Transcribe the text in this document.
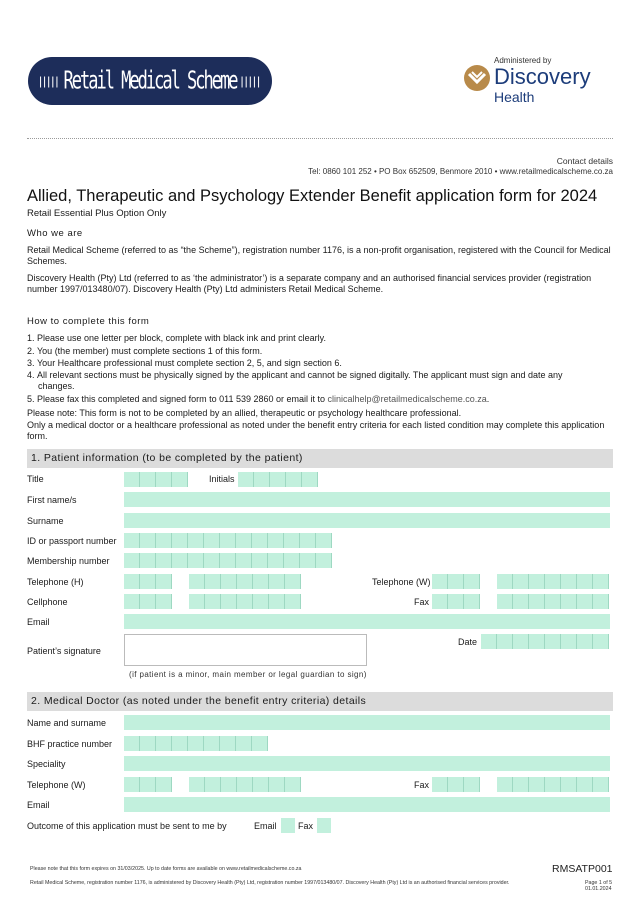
||||| Retail Medical Scheme |||||
Administered by
Discovery
Health
Contact details
Tel: 0860 101 252 • PO Box 652509, Benmore 2010 • www.retailmedicalscheme.co.za
Allied, Therapeutic and Psychology Extender Benefit application form for 2024
Retail Essential Plus Option Only
Who we are
Retail Medical Scheme (referred to as “the Scheme”), registration number 1176, is a non-profit organisation, registered with the Council for Medical Schemes.
Discovery Health (Pty) Ltd (referred to as ‘the administrator’) is a separate company and an authorised financial services provider (registration number 1997/013480/07). Discovery Health (Pty) Ltd administers Retail Medical Scheme.
How to complete this form
1. Please use one letter per block, complete with black ink and print clearly.
2. You (the member) must complete sections 1 of this form.
3. Your Healthcare professional must complete section 2, 5, and sign section 6.
4. All relevant sections must be physically signed by the applicant and cannot be signed digitally. The applicant must sign and date any changes.
5. Please fax this completed and signed form to 011 539 2860 or email it to clinicalhelp@retailmedicalscheme.co.za.
Please note: This form is not to be completed by an allied, therapeutic or psychology healthcare professional.
Only a medical doctor or a healthcare professional as noted under the benefit entry criteria for each listed condition may complete this application form.
1. Patient information (to be completed by the patient)
Title	Initials
First name/s
Surname
ID or passport number
Membership number
Telephone (H)	Telephone (W)
Cellphone	Fax
Email
Patient’s signature
Date
(if patient is a minor, main member or legal guardian to sign)
2. Medical Doctor (as noted under the benefit entry criteria) details
Name and surname
BHF practice number
Speciality
Telephone (W)	Fax
Email
Outcome of this application must be sent to me by	Email Fax
Please note that this form expires on 31/03/2025. Up to date forms are available on www.retailmedicalscheme.co.za	RMSATP001
Retail Medical Scheme, registration number 1176, is administered by Discovery Health (Pty) Ltd, registration number 1997/013480/07. Discovery Health (Pty) Ltd is an authorised financial services provider.	Page 1 of 5
01.01.2024
